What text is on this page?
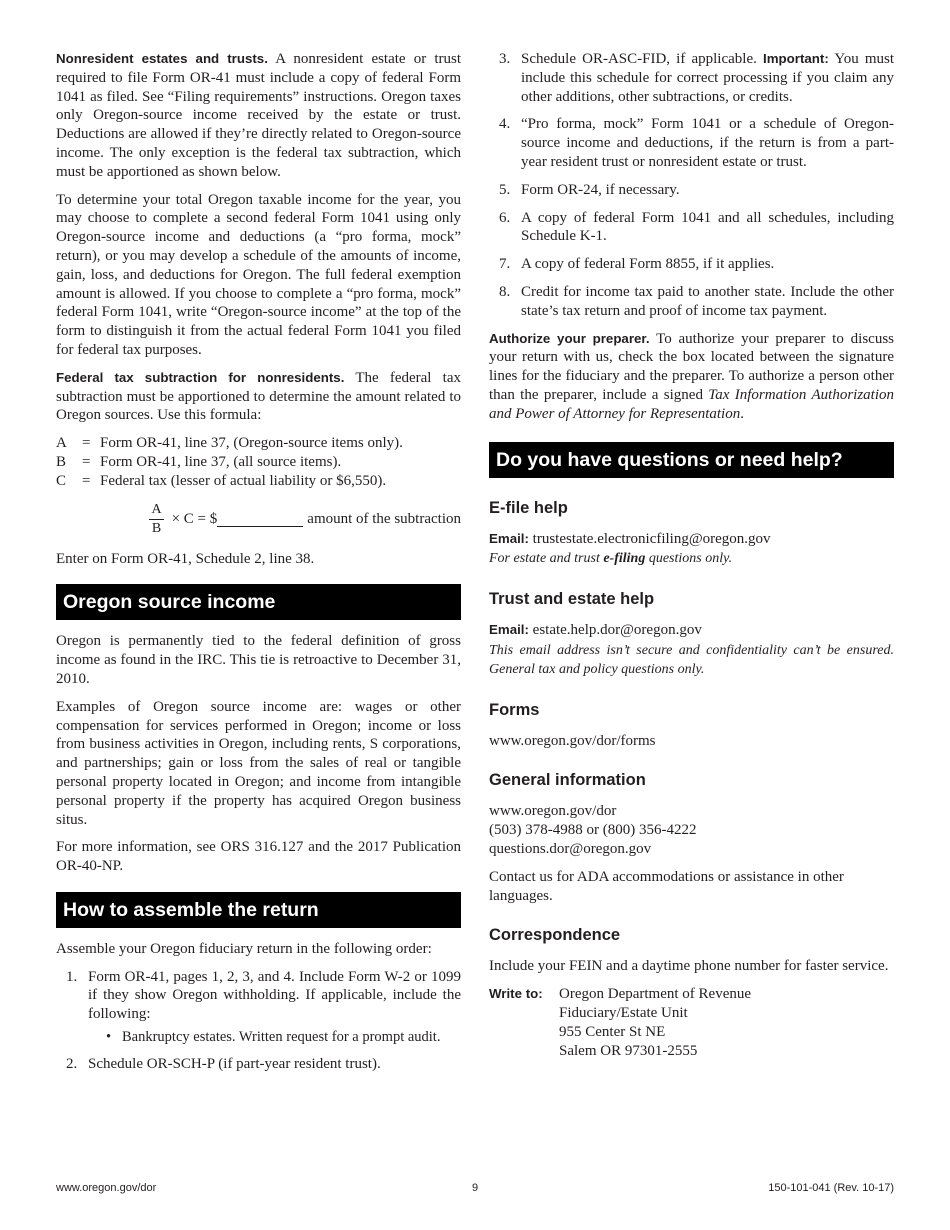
Nonresident estates and trusts. A nonresident estate or trust required to file Form OR-41 must include a copy of federal Form 1041 as filed. See “Filing requirements” instructions. Oregon taxes only Oregon-source income received by the estate or trust. Deductions are allowed if they’re directly related to Oregon-source income. The only exception is the federal tax subtraction, which must be apportioned as shown below.

To determine your total Oregon taxable income for the year, you may choose to complete a second federal Form 1041 using only Oregon-source income and deductions (a “pro forma, mock” return), or you may develop a schedule of the amounts of income, gain, loss, and deductions for Oregon. The full federal exemption amount is allowed. If you choose to complete a “pro forma, mock” federal Form 1041, write “Oregon-source income” at the top of the form to distinguish it from the actual federal Form 1041 you filed for federal tax purposes.

Federal tax subtraction for nonresidents. The federal tax subtraction must be apportioned to determine the amount related to Oregon sources. Use this formula:

A	= Form OR-41, line 37, (Oregon-source items only).
B	= Form OR-41, line 37, (all source items).
C	= Federal tax (lesser of actual liability or $6,550).
$\frac{A}{B} \times C$ = $	amount of the subtraction

Enter on Form OR-41, Schedule 2, line 38.

Oregon source income

Oregon is permanently tied to the federal definition of gross income as found in the IRC. This tie is retroactive to December 31, 2010.

Examples of Oregon source income are: wages or other compensation for services performed in Oregon; income or loss from business activities in Oregon, including rents, S corporations, and partnerships; gain or loss from the sales of real or tangible personal property located in Oregon; and income from intangible personal property if the property has acquired Oregon business situs.

For more information, see ORS 316.127 and the 2017 Publication OR-40-NP.

How to assemble the return

Assemble your Oregon fiduciary return in the following order:

1. Form OR-41, pages 1, 2, 3, and 4. Include Form W-2 or 1099 if they show Oregon withholding. If applicable, include the following:
• Bankruptcy estates. Written request for a prompt audit.
2. Schedule OR-SCH-P (if part-year resident trust).
3. Schedule OR-ASC-FID, if applicable. Important: You must include this schedule for correct processing if you claim any other additions, other subtractions, or credits.
4. “Pro forma, mock” Form 1041 or a schedule of Oregon-source income and deductions, if the return is from a part-year resident trust or nonresident estate or trust.
5. Form OR-24, if necessary.
6. A copy of federal Form 1041 and all schedules, including Schedule K-1.
7. A copy of federal Form 8855, if it applies.
8. Credit for income tax paid to another state. Include the other state’s tax return and proof of income tax payment.

Authorize your preparer. To authorize your preparer to discuss your return with us, check the box located between the signature lines for the fiduciary and the preparer. To authorize a person other than the preparer, include a signed Tax Information Authorization and Power of Attorney for Representation.

Do you have questions or need help?
E-file help

Email: trustestate.electronicfiling@oregon.gov

For estate and trust e-filing questions only.

Trust and estate help

Email: estate.help.dor@oregon.gov

This email address isn’t secure and confidentiality can’t be ensured. General tax and policy questions only.

Forms

www.oregon.gov/dor/forms

General information

www.oregon.gov/dor
(503) 378-4988 or (800) 356-4222
questions.dor@oregon.gov

Contact us for ADA accommodations or assistance in other languages.

Correspondence

Include your FEIN and a daytime phone number for faster service.

Write to:	Oregon Department of Revenue
Fiduciary/Estate Unit
955 Center St NE
Salem OR 97301-2555
www.oregon.gov/dor	9	150-101-041 (Rev. 10-17)
